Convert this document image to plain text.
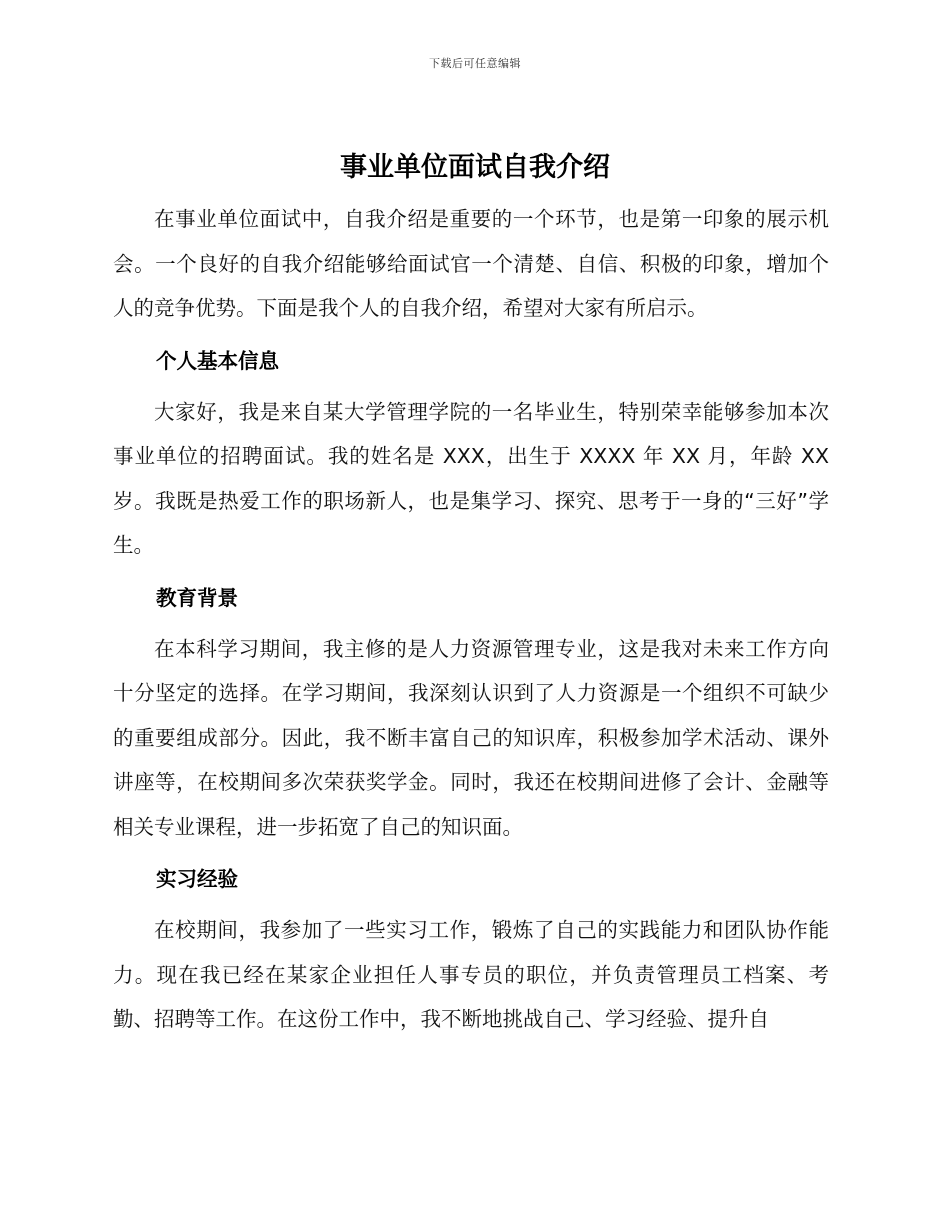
下载后可任意编辑
事业单位面试自我介绍

在事业单位面试中，自我介绍是重要的一个环节，也是第一印象的展示机会。一个良好的自我介绍能够给面试官一个清楚、自信、积极的印象，增加个人的竞争优势。下面是我个人的自我介绍，希望对大家有所启示。

个人基本信息

大家好，我是来自某大学管理学院的一名毕业生，特别荣幸能够参加本次事业单位的招聘面试。我的姓名是 XXX，出生于 XXXX 年 XX 月，年龄 XX 岁。我既是热爱工作的职场新人，也是集学习、探究、思考于一身的“三好”学生。

教育背景

在本科学习期间，我主修的是人力资源管理专业，这是我对未来工作方向十分坚定的选择。在学习期间，我深刻认识到了人力资源是一个组织不可缺少的重要组成部分。因此，我不断丰富自己的知识库，积极参加学术活动、课外讲座等，在校期间多次荣获奖学金。同时，我还在校期间进修了会计、金融等相关专业课程，进一步拓宽了自己的知识面。

实习经验

在校期间，我参加了一些实习工作，锻炼了自己的实践能力和团队协作能力。现在我已经在某家企业担任人事专员的职位，并负责管理员工档案、考勤、招聘等工作。在这份工作中，我不断地挑战自己、学习经验、提升自
